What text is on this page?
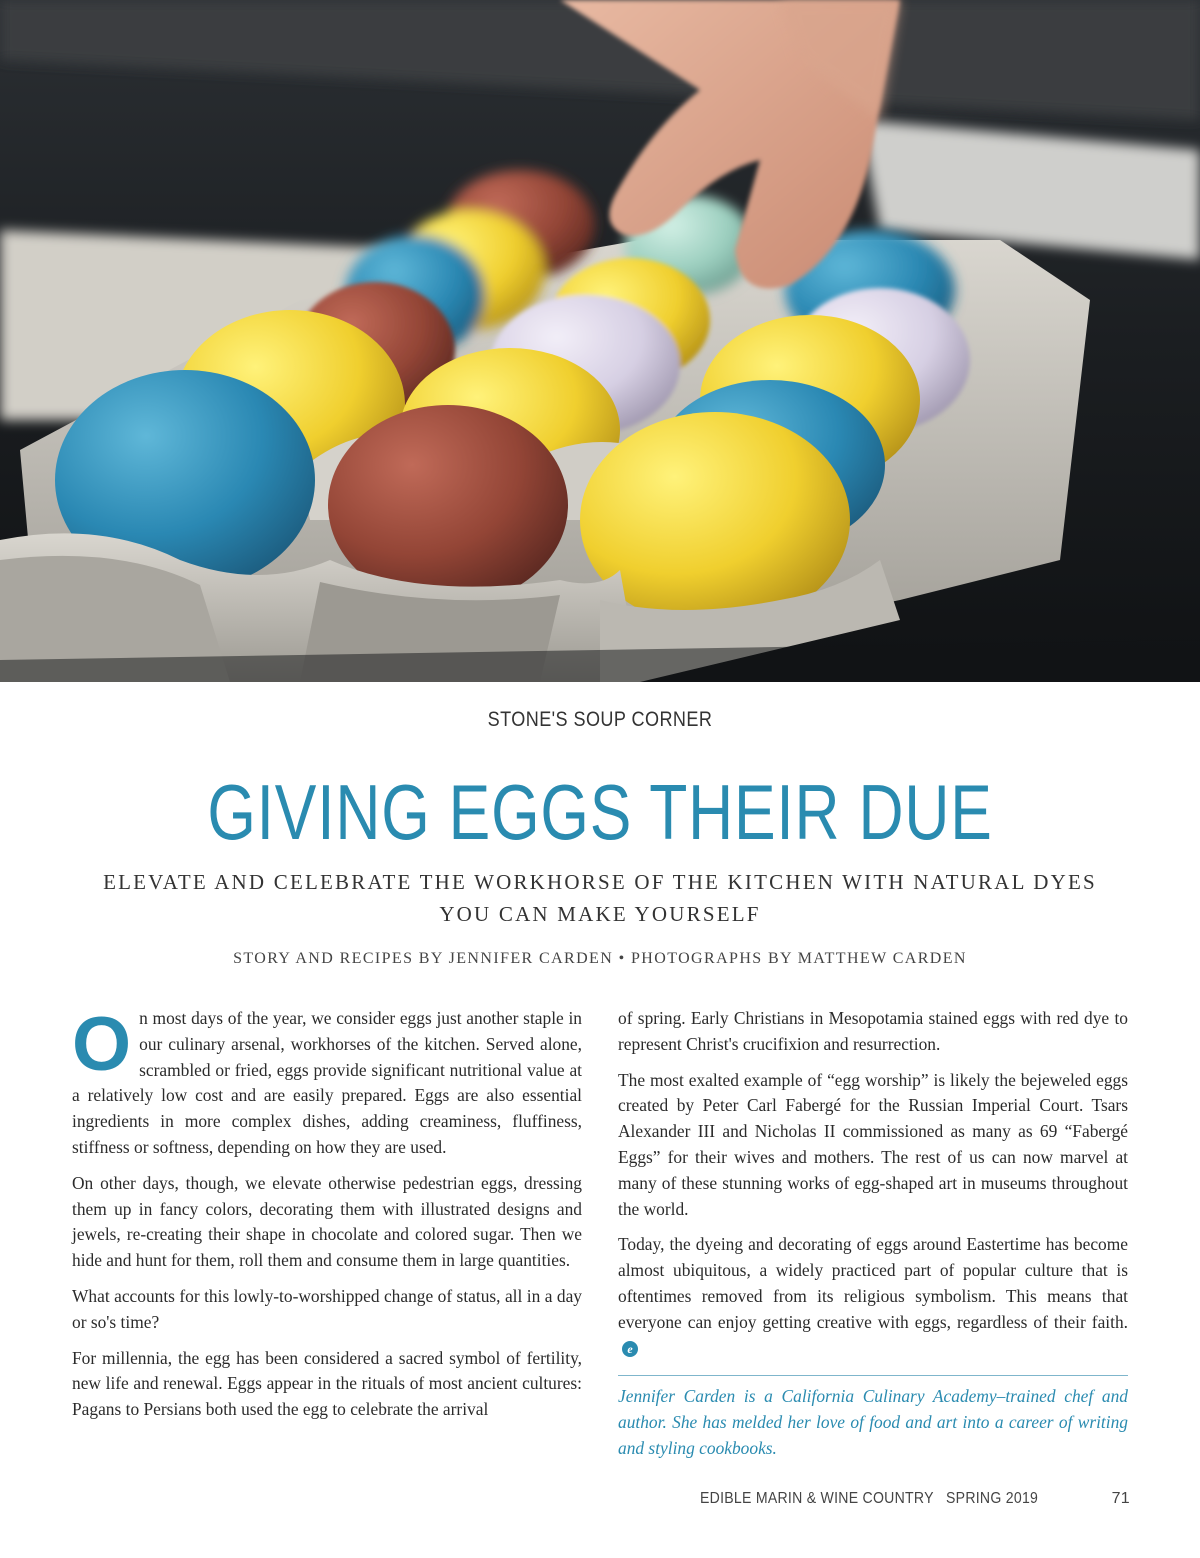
STONE'S SOUP CORNER
GIVING EGGS THEIR DUE
ELEVATE AND CELEBRATE THE WORKHORSE OF THE KITCHEN WITH NATURAL DYES YOU CAN MAKE YOURSELF
STORY AND RECIPES BY JENNIFER CARDEN • PHOTOGRAPHS BY MATTHEW CARDEN

On most days of the year, we consider eggs just another staple in our culinary arsenal, workhorses of the kitchen. Served alone, scrambled or fried, eggs provide significant nutritional value at a relatively low cost and are easily prepared. Eggs are also essential ingredients in more complex dishes, adding creaminess, fluffiness, stiffness or softness, depending on how they are used.

On other days, though, we elevate otherwise pedestrian eggs, dressing them up in fancy colors, decorating them with illustrated designs and jewels, re-creating their shape in chocolate and colored sugar. Then we hide and hunt for them, roll them and consume them in large quantities.

What accounts for this lowly-to-worshipped change of status, all in a day or so's time?

For millennia, the egg has been considered a sacred symbol of fertility, new life and renewal. Eggs appear in the rituals of most ancient cultures: Pagans to Persians both used the egg to celebrate the arrival

of spring. Early Christians in Mesopotamia stained eggs with red dye to represent Christ's crucifixion and resurrection.

The most exalted example of “egg worship” is likely the bejeweled eggs created by Peter Carl Fabergé for the Russian Imperial Court. Tsars Alexander III and Nicholas II commissioned as many as 69 “Fabergé Eggs” for their wives and mothers. The rest of us can now marvel at many of these stunning works of egg-shaped art in museums throughout the world.

Today, the dyeing and decorating of eggs around Eastertime has become almost ubiquitous, a widely practiced part of popular culture that is oftentimes removed from its religious symbolism. This means that everyone can enjoy getting creative with eggs, regardless of their faith. e

Jennifer Carden is a California Culinary Academy–trained chef and author. She has melded her love of food and art into a career of writing and styling cookbooks.

EDIBLE MARIN & WINE COUNTRY   SPRING 2019	71
